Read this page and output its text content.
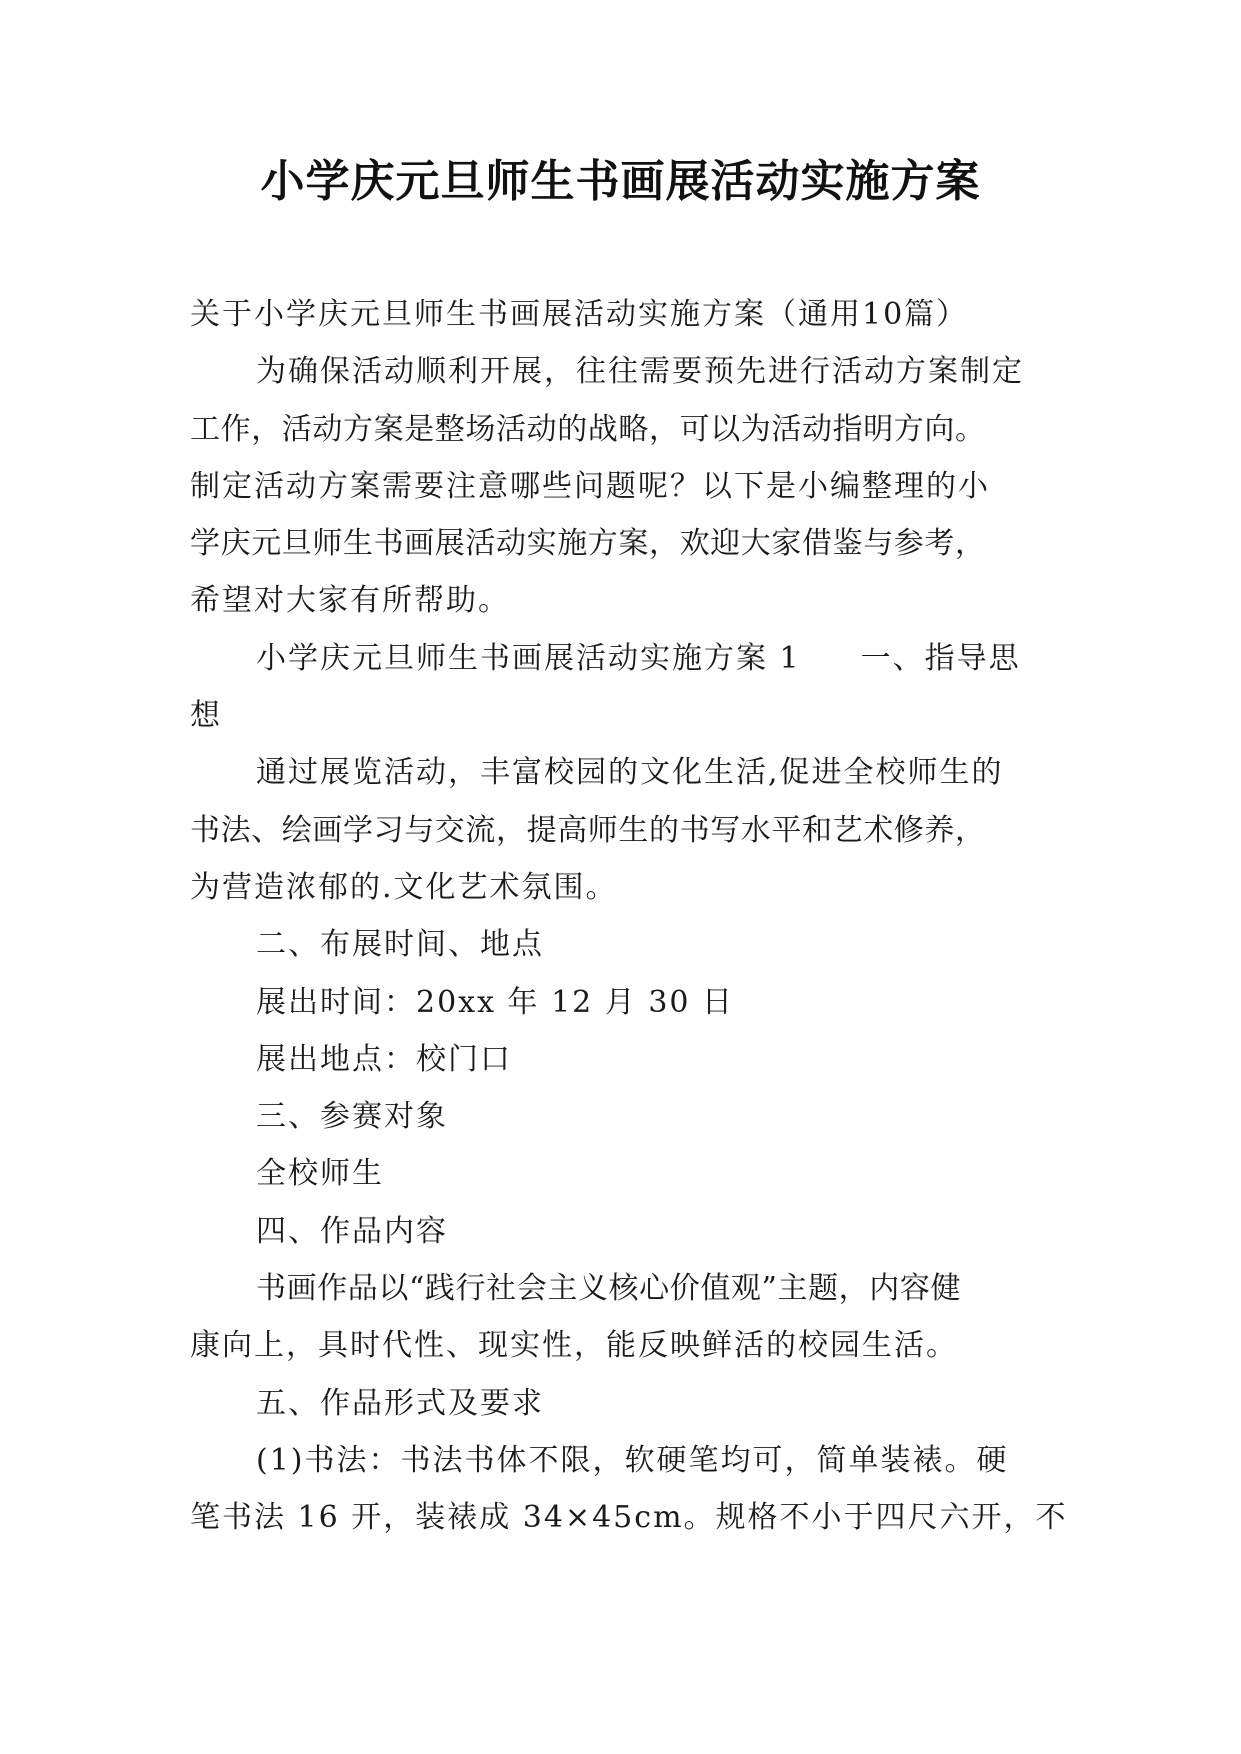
小学庆元旦师生书画展活动实施方案
关于小学庆元旦师生书画展活动实施方案（通用10篇）
为确保活动顺利开展，往往需要预先进行活动方案制定
工作，活动方案是整场活动的战略，可以为活动指明方向。
制定活动方案需要注意哪些问题呢？以下是小编整理的小
学庆元旦师生书画展活动实施方案，欢迎大家借鉴与参考，
希望对大家有所帮助。
小学庆元旦师生书画展活动实施方案 1 一、指导思
想
通过展览活动，丰富校园的文化生活,促进全校师生的
书法、绘画学习与交流，提高师生的书写水平和艺术修养，
为营造浓郁的.文化艺术氛围。
二、布展时间、地点
展出时间：20xx 年 12 月 30 日
展出地点：校门口
三、参赛对象
全校师生
四、作品内容
书画作品以“践行社会主义核心价值观”主题，内容健
康向上，具时代性、现实性，能反映鲜活的校园生活。
五、作品形式及要求
(1)书法：书法书体不限，软硬笔均可，简单装裱。硬
笔书法 16 开，装裱成 34×45cm。规格不小于四尺六开，不
